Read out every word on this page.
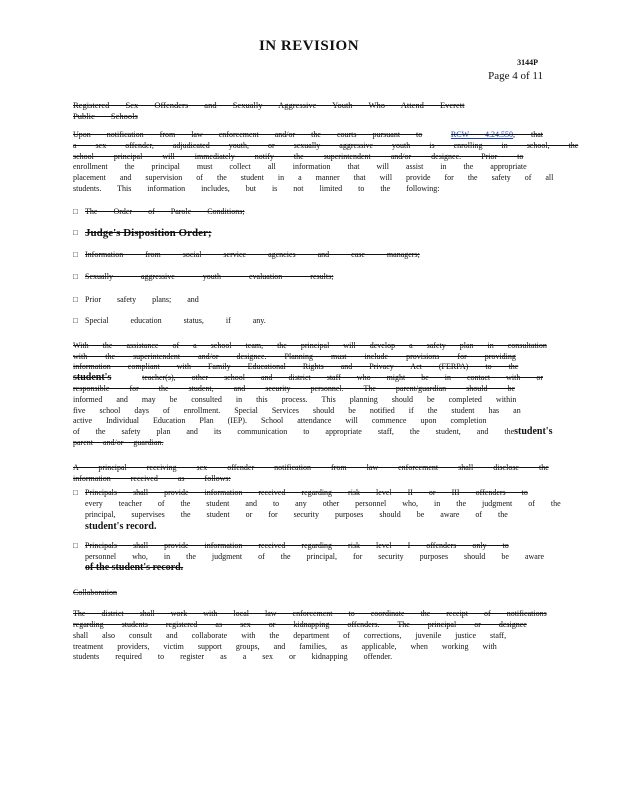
IN REVISION
3144P
Page 4 of 11
Registered Sex Offenders and Sexually Aggressive Youth Who Attend Everett
Public Schools
Upon notification from law enforcement and/or the courts pursuant to	RCW 4.24.550, that
a sex offender, adjudicated youth, or sexually aggressive youth is enrolling in school, the
school principal will immediately notify the superintendent and/or designee. Prior to
enrollment the principal must collect all information that will assist in the appropriate
placement and supervision of the student in a manner that will provide for the safety of all
students. This information includes, but is not limited to the following:
□ The Order of Parole Conditions;
□ Judge's Disposition Order;
□ Information from social service agencies and case managers;
□ Sexually aggressive youth evaluation results;
□ Prior safety plans; and
□ Special education status, if any.
With the assistance of a school team, the principal will develop a safety plan in consultation
with the superintendent and/or designee. Planning must include provisions for providing
information compliant with Family Educational Rights and Privacy Act (FERPA) to the
student's	teacher(s), other school and district staff who might be in contact with or
responsible for the student, and security personnel. The parent/guardian should be
informed and may be consulted in this process. This planning should be completed within
five school days of enrollment. Special Services should be notified if the student has an
active Individual Education Plan (IEP). School attendance will commence upon completion
of the safety plan and its communication to appropriate staff, the student, and the student's
parent and/or guardian.
A principal receiving sex offender notification from law enforcement shall disclose the
information received as follows:
□ Principals shall provide information received regarding risk level II or III offenders to
every teacher of the student and to any other personnel who, in the judgment of the
principal, supervises the student or for security purposes should be aware of the
student's record.
□ Principals shall provide information received regarding risk level I offenders only to
personnel who, in the judgment of the principal, for security purposes should be aware
of the student's record.
Collaboration
The district shall work with local law enforcement to coordinate the receipt of notifications
regarding students registered as sex or kidnapping offenders. The principal or designee
shall also consult and collaborate with the department of corrections, juvenile justice staff,
treatment providers, victim support groups, and families, as applicable, when working with
students required to register as a sex or kidnapping offender.
